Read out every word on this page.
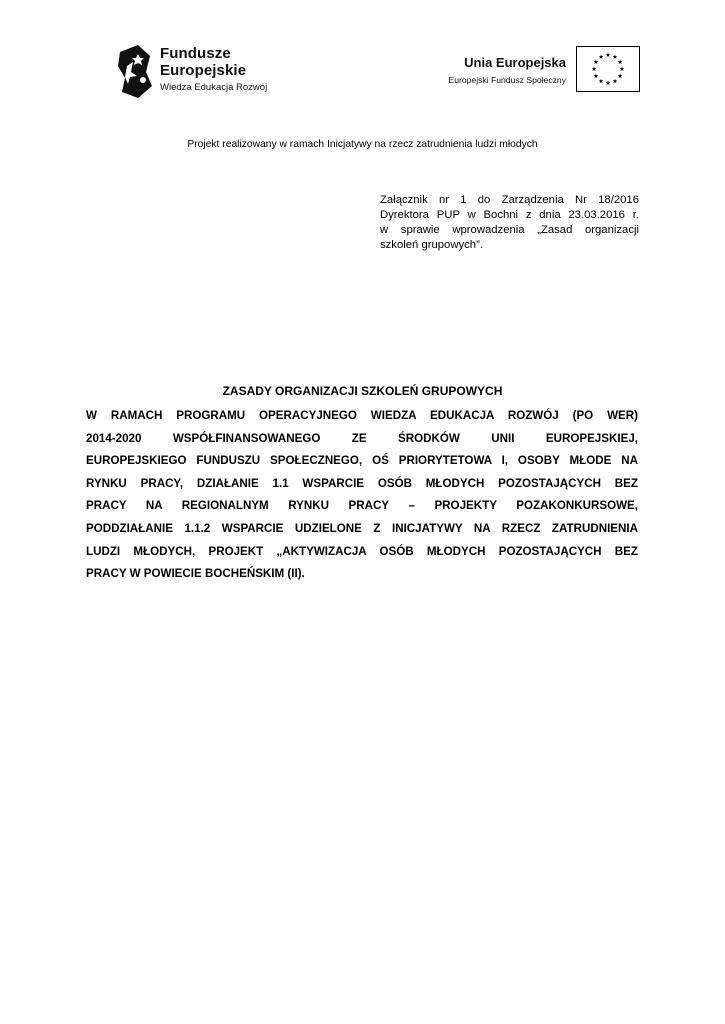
Fundusze
Europejskie
Wiedza Edukacja Rozwój
Unia Europejska
Europejski Fundusz Społeczny
Projekt realizowany w ramach Inicjatywy na rzecz zatrudnienia ludzi młodych
Załącznik nr 1 do Zarządzenia Nr 18/2016
Dyrektora PUP w Bochni z dnia 23.03.2016 r.
w sprawie wprowadzenia „Zasad organizacji
szkoleń grupowych”.
ZASADY ORGANIZACJI SZKOLEŃ GRUPOWYCH
W RAMACH PROGRAMU OPERACYJNEGO WIEDZA EDUKACJA ROZWÓJ (PO WER)
2014-2020 WSPÓŁFINANSOWANEGO ZE ŚRODKÓW UNII EUROPEJSKIEJ,
EUROPEJSKIEGO FUNDUSZU SPOŁECZNEGO, OŚ PRIORYTETOWA I, OSOBY MŁODE NA
RYNKU PRACY, DZIAŁANIE 1.1 WSPARCIE OSÓB MŁODYCH POZOSTAJĄCYCH BEZ
PRACY NA REGIONALNYM RYNKU PRACY – PROJEKTY POZAKONKURSOWE,
PODDZIAŁANIE 1.1.2 WSPARCIE UDZIELONE Z INICJATYWY NA RZECZ ZATRUDNIENIA
LUDZI MŁODYCH, PROJEKT „AKTYWIZACJA OSÓB MŁODYCH POZOSTAJĄCYCH BEZ
PRACY W POWIECIE BOCHEŃSKIM (II).
